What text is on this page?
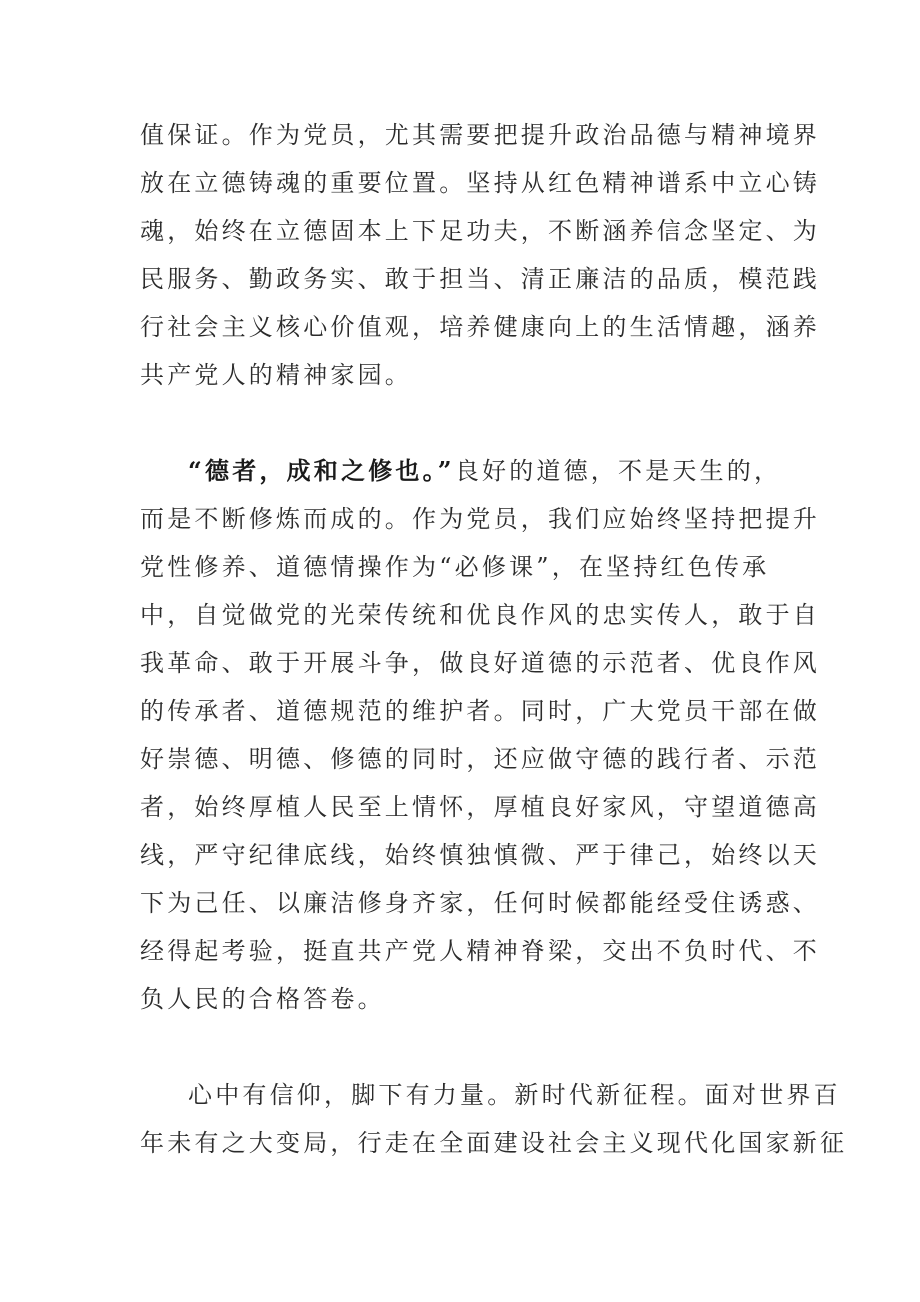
值保证。作为党员，尤其需要把提升政治品德与精神境界
放在立德铸魂的重要位置。坚持从红色精神谱系中立心铸
魂，始终在立德固本上下足功夫，不断涵养信念坚定、为
民服务、勤政务实、敢于担当、清正廉洁的品质，模范践
行社会主义核心价值观，培养健康向上的生活情趣，涵养
共产党人的精神家园。
“德者，成和之修也。”良好的道德，不是天生的，
而是不断修炼而成的。作为党员，我们应始终坚持把提升
党性修养、道德情操作为“必修课”，在坚持红色传承
中，自觉做党的光荣传统和优良作风的忠实传人，敢于自
我革命、敢于开展斗争，做良好道德的示范者、优良作风
的传承者、道德规范的维护者。同时，广大党员干部在做
好崇德、明德、修德的同时，还应做守德的践行者、示范
者，始终厚植人民至上情怀，厚植良好家风，守望道德高
线，严守纪律底线，始终慎独慎微、严于律己，始终以天
下为己任、以廉洁修身齐家，任何时候都能经受住诱惑、
经得起考验，挺直共产党人精神脊梁，交出不负时代、不
负人民的合格答卷。
心中有信仰，脚下有力量。新时代新征程。面对世界百
年未有之大变局，行走在全面建设社会主义现代化国家新征
